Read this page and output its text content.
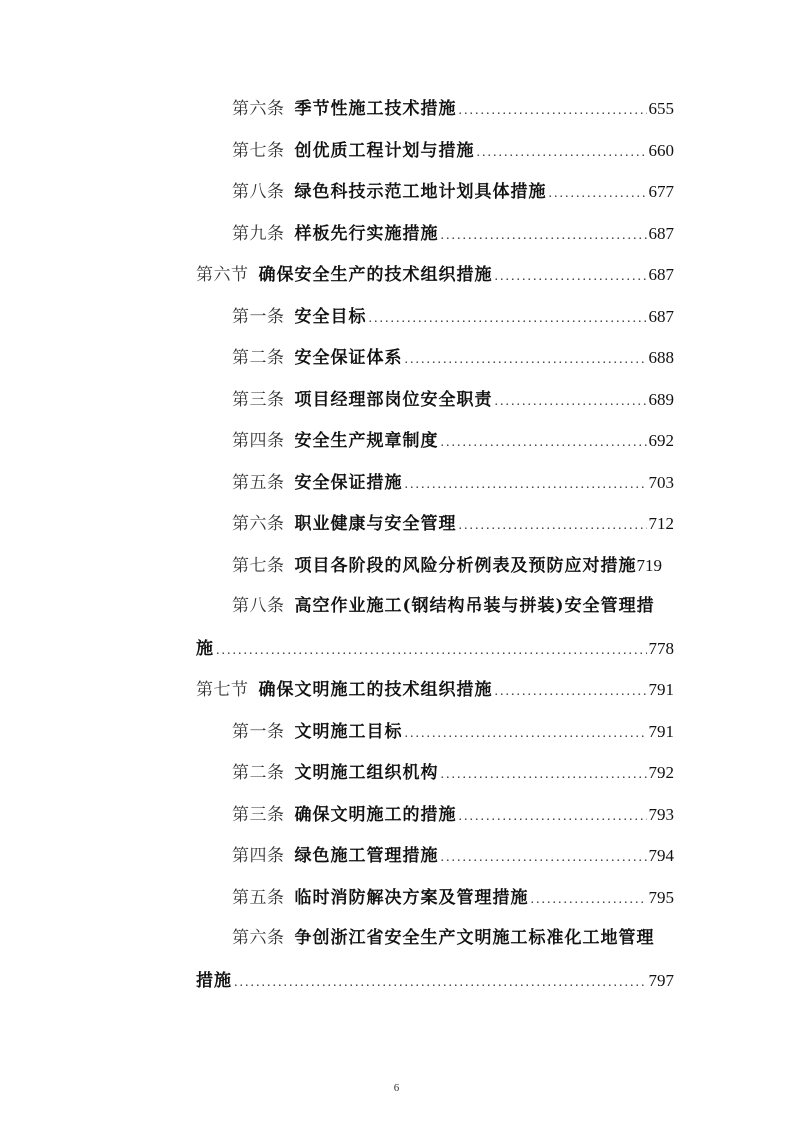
第六条 季节性施工技术措施 .....	655
第七条 创优质工程计划与措施 .....	660
第八条 绿色科技示范工地计划具体措施 .....	677
第九条 样板先行实施措施 .....	687
第六节 确保安全生产的技术组织措施 .....	687
第一条 安全目标 .....	687
第二条 安全保证体系 .....	688
第三条 项目经理部岗位安全职责 .....	689
第四条 安全生产规章制度 .....	692
第五条 安全保证措施 .....	703
第六条 职业健康与安全管理 .....	712
第七条 项目各阶段的风险分析例表及预防应对措施 719
第八条 高空作业施工(钢结构吊装与拼装)安全管理措
施 .....	778
第七节 确保文明施工的技术组织措施 .....	791
第一条 文明施工目标 .....	791
第二条 文明施工组织机构 .....	792
第三条 确保文明施工的措施 .....	793
第四条 绿色施工管理措施 .....	794
第五条 临时消防解决方案及管理措施 .....	795
第六条 争创浙江省安全生产文明施工标准化工地管理
措施 .....	797
6
